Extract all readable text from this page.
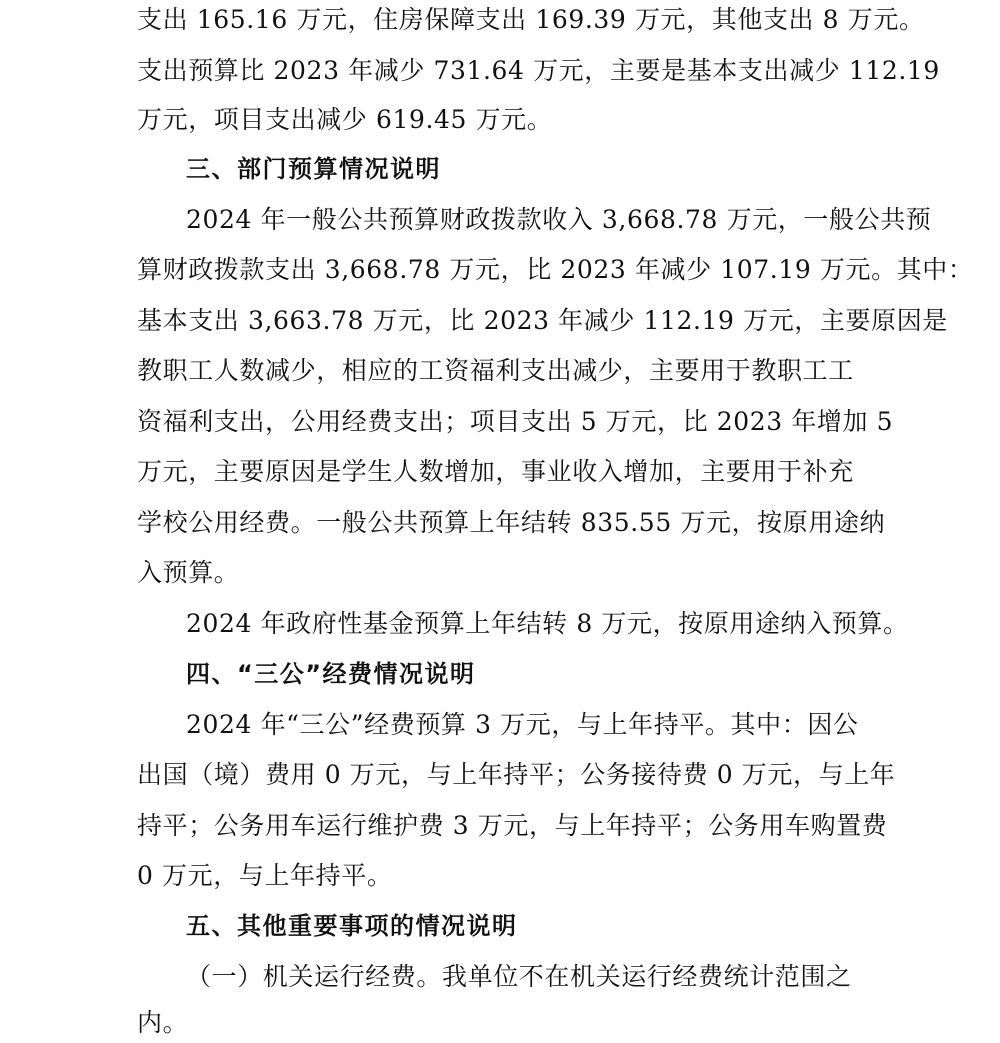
支出 165.16 万元，住房保障支出 169.39 万元，其他支出 8 万元。
支出预算比 2023 年减少 731.64 万元，主要是基本支出减少 112.19
万元，项目支出减少 619.45 万元。
三、部门预算情况说明
2024 年一般公共预算财政拨款收入 3,668.78 万元，一般公共预
算财政拨款支出 3,668.78 万元，比 2023 年减少 107.19 万元。其中：
基本支出 3,663.78 万元，比 2023 年减少 112.19 万元，主要原因是
教职工人数减少，相应的工资福利支出减少，主要用于教职工工
资福利支出，公用经费支出；项目支出 5 万元，比 2023 年增加 5
万元，主要原因是学生人数增加，事业收入增加，主要用于补充
学校公用经费。一般公共预算上年结转 835.55 万元，按原用途纳
入预算。
2024 年政府性基金预算上年结转 8 万元，按原用途纳入预算。
四、“三公”经费情况说明
2024 年“三公”经费预算 3 万元，与上年持平。其中：因公
出国（境）费用 0 万元，与上年持平；公务接待费 0 万元，与上年
持平；公务用车运行维护费 3 万元，与上年持平；公务用车购置费
0 万元，与上年持平。
五、其他重要事项的情况说明
（一）机关运行经费。我单位不在机关运行经费统计范围之
内。
